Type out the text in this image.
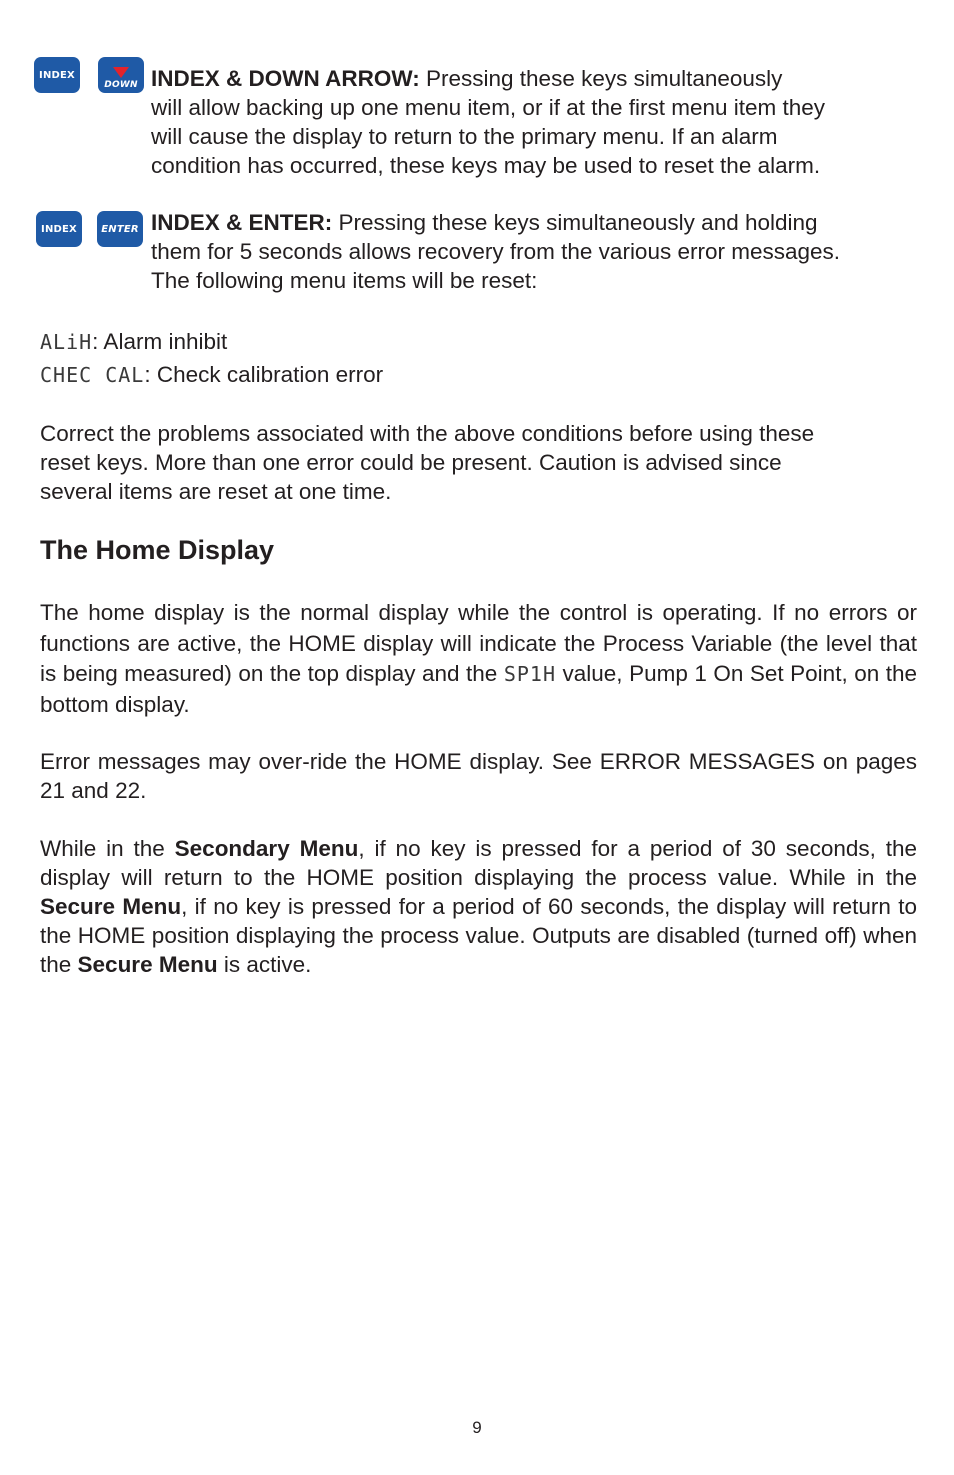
INDEX
DOWN INDEX & DOWN ARROW: Pressing these keys simultaneously
will allow backing up one menu item, or if at the first menu item they
will cause the display to return to the primary menu. If an alarm
condition has occurred, these keys may be used to reset the alarm.

INDEX ENTER INDEX & ENTER: Pressing these keys simultaneously and holding
them for 5 seconds allows recovery from the various error messages.
The following menu items will be reset:

ALiH: Alarm inhibit

CHEC CAL: Check calibration error

Correct the problems associated with the above conditions before using these
reset keys. More than one error could be present. Caution is advised since
several items are reset at one time.

The Home Display

The home display is the normal display while the control is operating. If no errors or functions are active, the HOME display will indicate the Process Variable (the level that is being measured) on the top display and the SP1H value, Pump 1 On Set Point, on the bottom display.

Error messages may over-ride the HOME display. See ERROR MESSAGES on pages 21 and 22.

While in the Secondary Menu, if no key is pressed for a period of 30 seconds, the display will return to the HOME position displaying the process value. While in the Secure Menu, if no key is pressed for a period of 60 seconds, the display will return to the HOME position displaying the process value. Outputs are disabled (turned off) when the Secure Menu is active.

9
